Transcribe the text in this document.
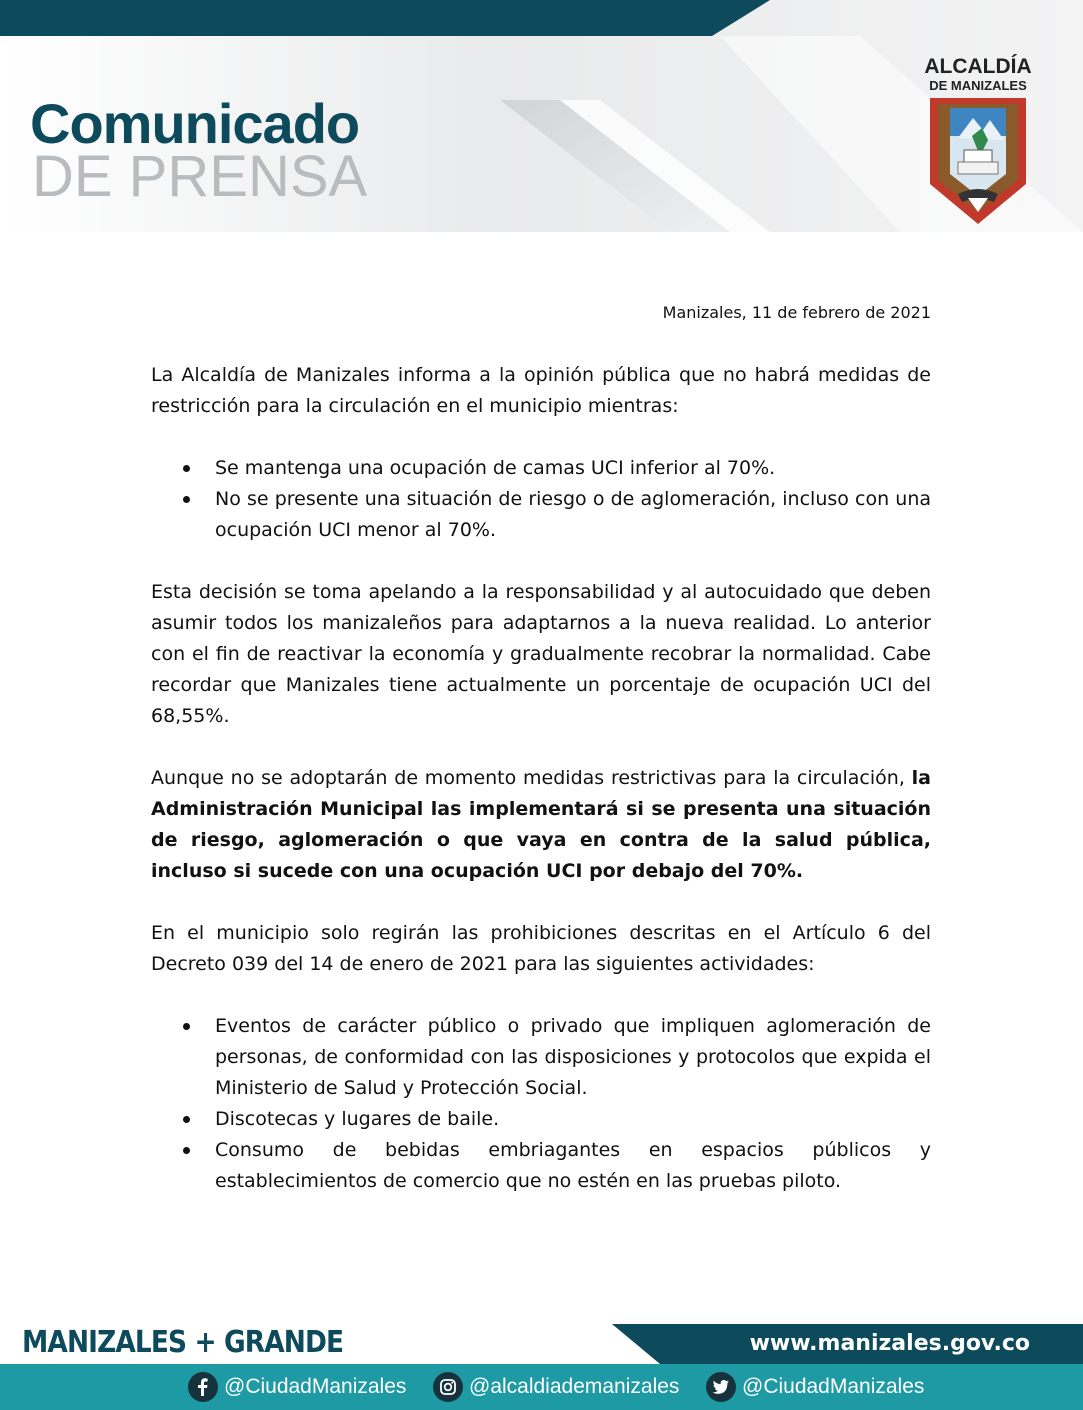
Comunicado
DE PRENSA
ALCALDÍA
DE MANIZALES
Manizales, 11 de febrero de 2021

La Alcaldía de Manizales informa a la opinión pública que no habrá medidas de restricción para la circulación en el municipio mientras:

Se mantenga una ocupación de camas UCI inferior al 70%.
No se presente una situación de riesgo o de aglomeración, incluso con una ocupación UCI menor al 70%.

Esta decisión se toma apelando a la responsabilidad y al autocuidado que deben asumir todos los manizaleños para adaptarnos a la nueva realidad. Lo anterior con el fin de reactivar la economía y gradualmente recobrar la normalidad. Cabe recordar que Manizales tiene actualmente un porcentaje de ocupación UCI del 68,55%.

Aunque no se adoptarán de momento medidas restrictivas para la circulación, la Administración Municipal las implementará si se presenta una situación de riesgo, aglomeración o que vaya en contra de la salud pública, incluso si sucede con una ocupación UCI por debajo del 70%.

En el municipio solo regirán las prohibiciones descritas en el Artículo 6 del Decreto 039 del 14 de enero de 2021 para las siguientes actividades:

Eventos de carácter público o privado que impliquen aglomeración de personas, de conformidad con las disposiciones y protocolos que expida el Ministerio de Salud y Protección Social.
Discotecas y lugares de baile.
Consumo de bebidas embriagantes en espacios públicos y establecimientos de comercio que no estén en las pruebas piloto.
MANIZALES + GRANDE	www.manizales.gov.co
@CiudadManizales	@alcaldiademanizales	@CiudadManizales
